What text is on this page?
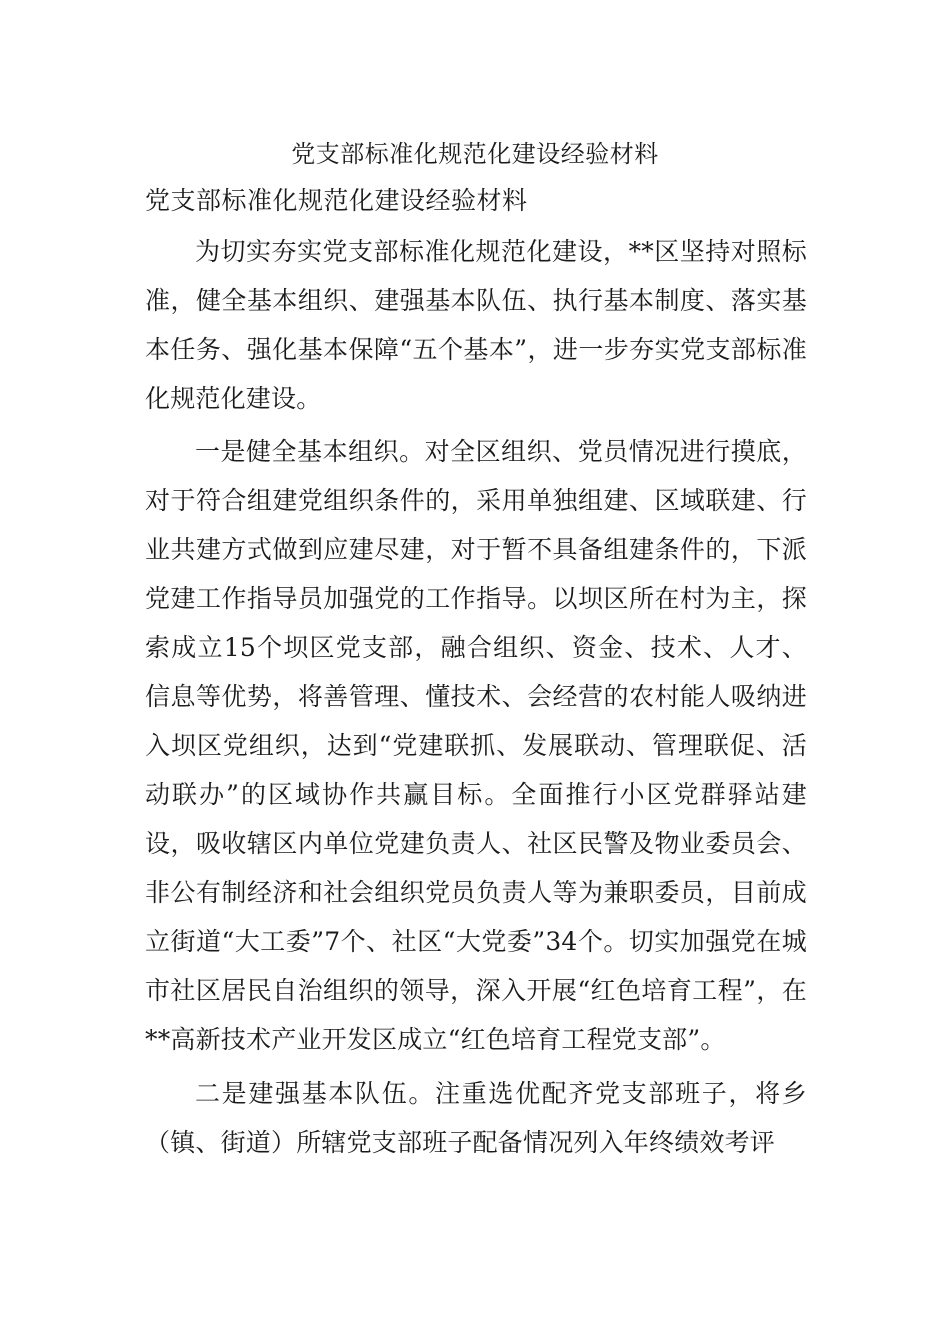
党支部标准化规范化建设经验材料
党支部标准化规范化建设经验材料

为切实夯实党支部标准化规范化建设，**区坚持对照标准，健全基本组织、建强基本队伍、执行基本制度、落实基本任务、强化基本保障“五个基本”，进一步夯实党支部标准化规范化建设。

一是健全基本组织。对全区组织、党员情况进行摸底，对于符合组建党组织条件的，采用单独组建、区域联建、行业共建方式做到应建尽建，对于暂不具备组建条件的，下派党建工作指导员加强党的工作指导。以坝区所在村为主，探索成立15个坝区党支部，融合组织、资金、技术、人才、信息等优势，将善管理、懂技术、会经营的农村能人吸纳进入坝区党组织，达到“党建联抓、发展联动、管理联促、活动联办”的区域协作共赢目标。全面推行小区党群驿站建设，吸收辖区内单位党建负责人、社区民警及物业委员会、非公有制经济和社会组织党员负责人等为兼职委员，目前成立街道“大工委”7个、社区“大党委”34个。切实加强党在城市社区居民自治组织的领导，深入开展“红色培育工程”，在**高新技术产业开发区成立“红色培育工程党支部”。

二是建强基本队伍。注重选优配齐党支部班子，将乡（镇、街道）所辖党支部班子配备情况列入年终绩效考评
